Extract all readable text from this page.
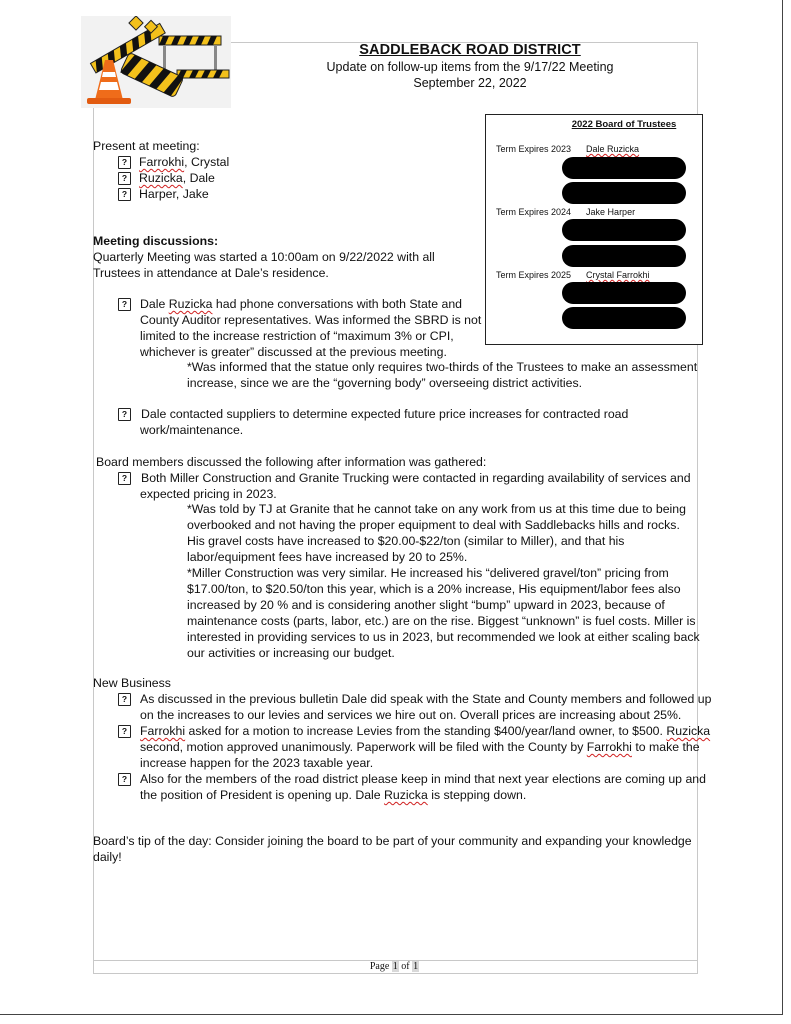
SADDLEBACK ROAD DISTRICT
Update on follow-up items from the 9/17/22 Meeting
September 22, 2022
2022 Board of Trustees
Term Expires 2023 Dale Ruzicka
Term Expires 2024 Jake Harper
Term Expires 2025 Crystal Farrokhi
Present at meeting:
? Farrokhi, Crystal
? Ruzicka, Dale
? Harper, Jake
Meeting discussions:
Quarterly Meeting was started a 10:00am on 9/22/2022 with all
Trustees in attendance at Dale’s residence.
?	Dale Ruzicka had phone conversations with both State and
County Auditor representatives. Was informed the SBRD is not
limited to the increase restriction of “maximum 3% or CPI,
whichever is greater” discussed at the previous meeting.
*Was informed that the statue only requires two-thirds of the Trustees to make an assessment
increase, since we are the “governing body” overseeing district activities.
?	Dale contacted suppliers to determine expected future price increases for contracted road
work/maintenance.
Board members discussed the following after information was gathered:
?	Both Miller Construction and Granite Trucking were contacted in regarding availability of services and
expected pricing in 2023.
*Was told by TJ at Granite that he cannot take on any work from us at this time due to being
overbooked and not having the proper equipment to deal with Saddlebacks hills and rocks.
His gravel costs have increased to $20.00-$22/ton (similar to Miller), and that his
labor/equipment fees have increased by 20 to 25%.
*Miller Construction was very similar. He increased his “delivered gravel/ton” pricing from
$17.00/ton, to $20.50/ton this year, which is a 20% increase, His equipment/labor fees also
increased by 20 % and is considering another slight “bump” upward in 2023, because of
maintenance costs (parts, labor, etc.) are on the rise. Biggest “unknown” is fuel costs. Miller is
interested in providing services to us in 2023, but recommended we look at either scaling back
our activities or increasing our budget.
New Business
?	As discussed in the previous bulletin Dale did speak with the State and County members and followed up
on the increases to our levies and services we hire out on. Overall prices are increasing about 25%.
?	Farrokhi asked for a motion to increase Levies from the standing $400/year/land owner, to $500. Ruzicka
second, motion approved unanimously. Paperwork will be filed with the County by Farrokhi to make the
increase happen for the 2023 taxable year.
?	Also for the members of the road district please keep in mind that next year elections are coming up and
the position of President is opening up. Dale Ruzicka is stepping down.
Board’s tip of the day: Consider joining the board to be part of your community and expanding your knowledge
daily!
Page 1 of 1
